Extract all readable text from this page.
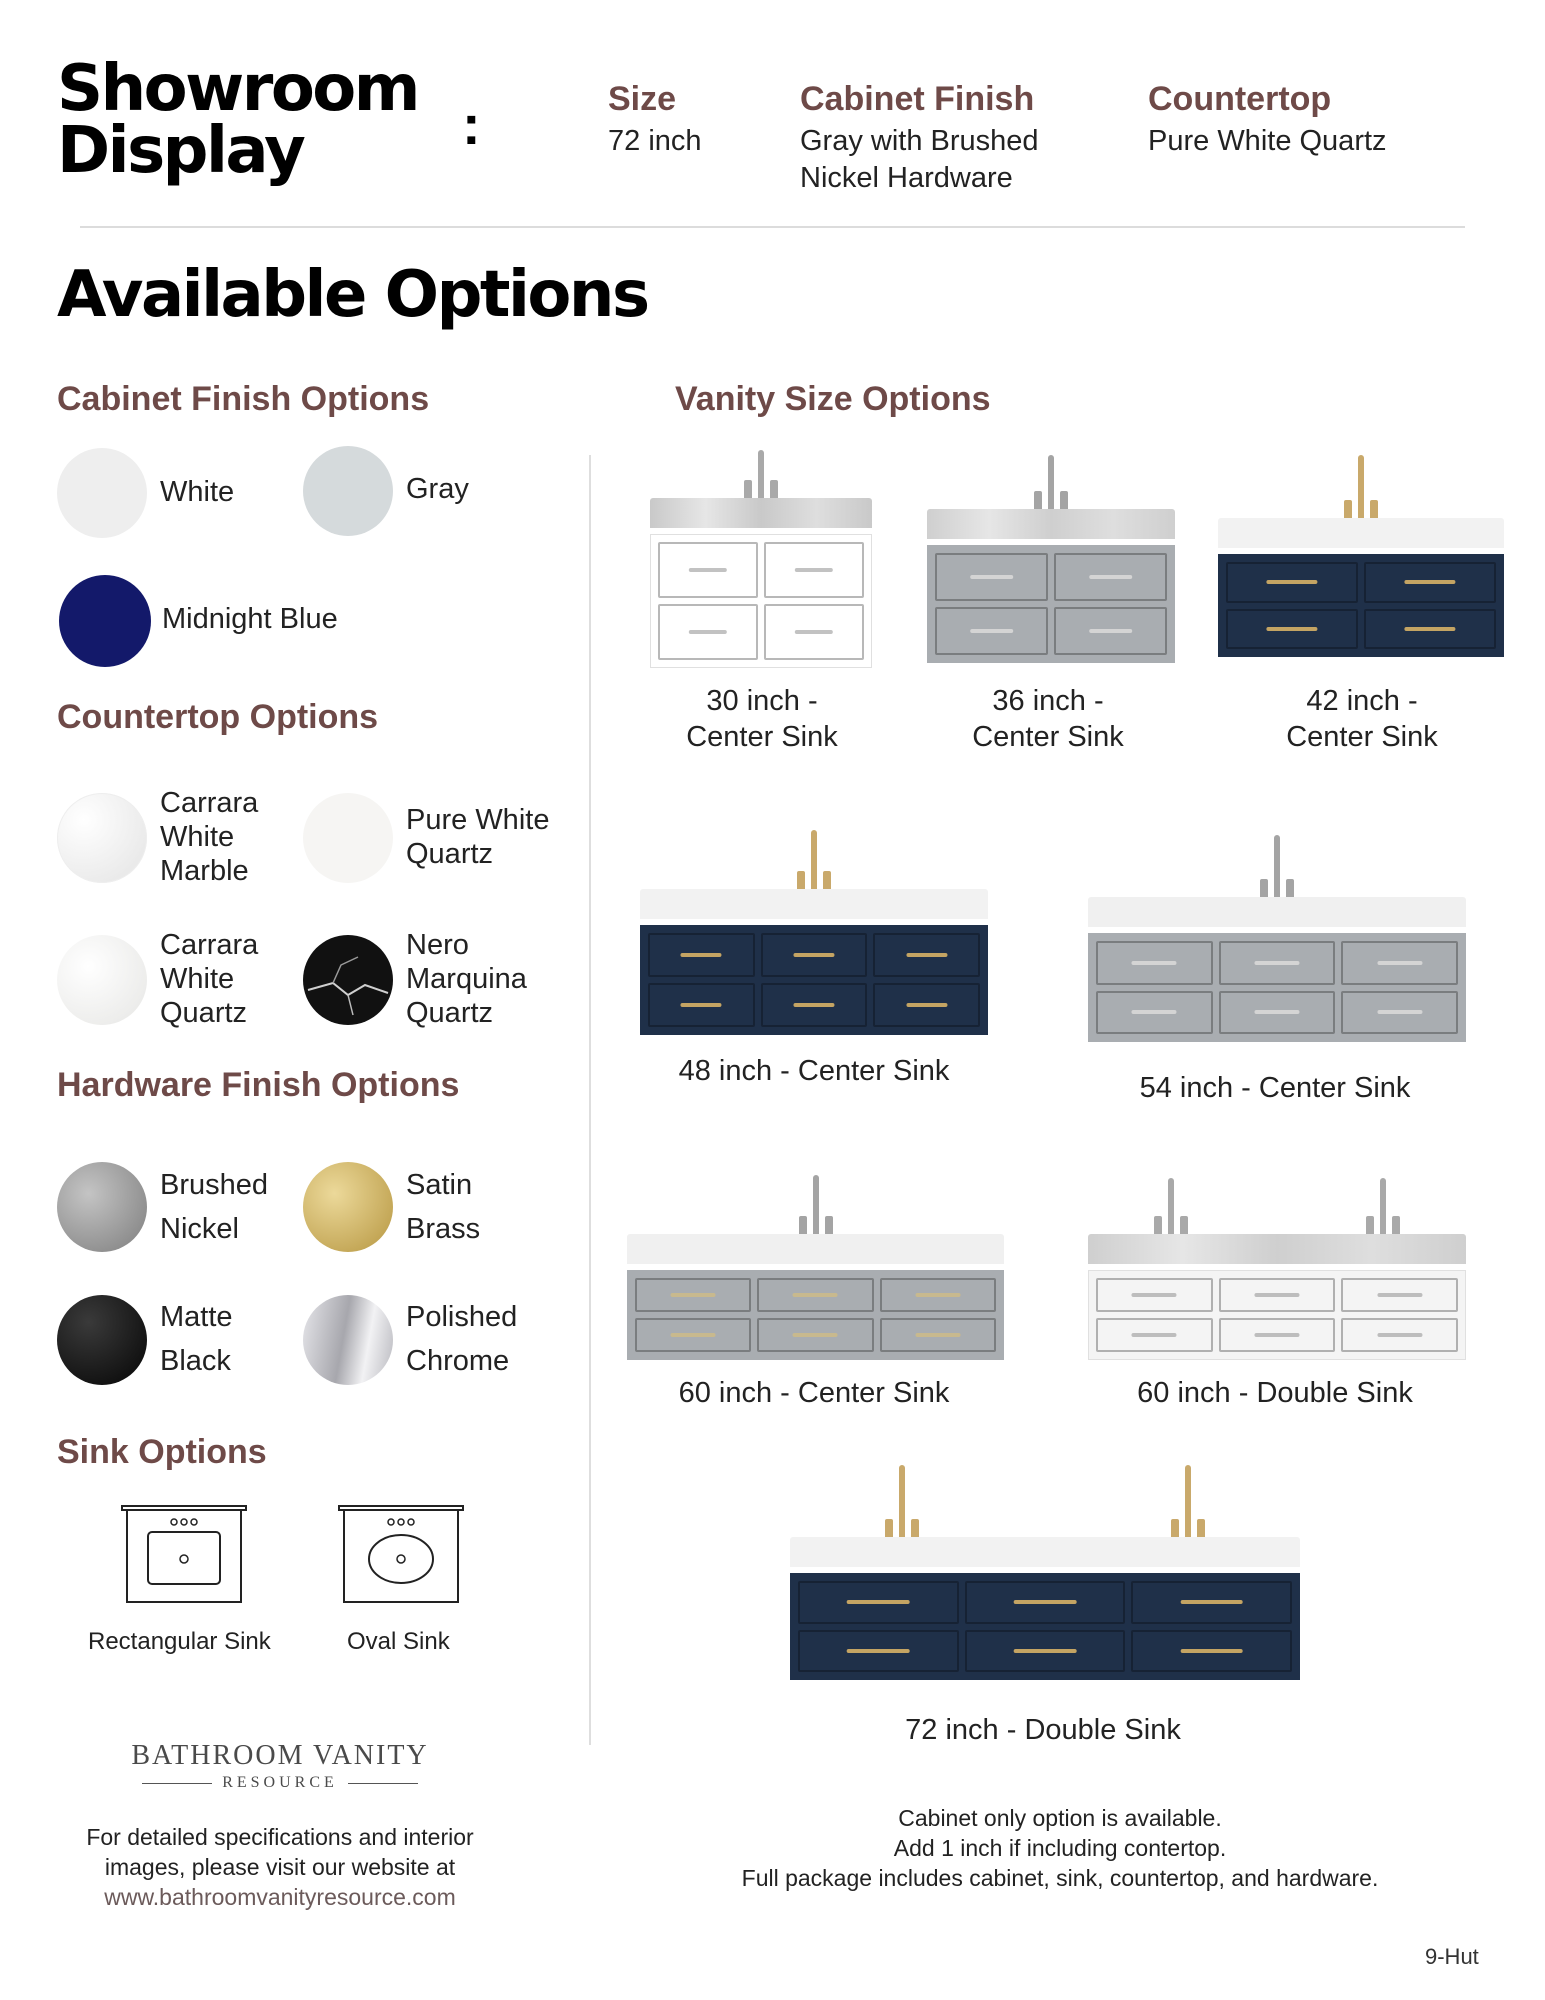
Showroom
Display	:	Size
72 inch
Cabinet Finish
Gray with Brushed
Nickel Hardware
Countertop
Pure White Quartz
Available Options
Cabinet Finish Options
White	Gray
Midnight Blue
Countertop Options
Carrara
White
Marble
Pure White
Quartz
Carrara
White
Quartz
Nero
Marquina
Quartz
Hardware Finish Options
Brushed
Nickel
Satin
Brass
Matte
Black
Polished
Chrome
Sink Options
Rectangular Sink	Oval Sink
Vanity Size Options
30 inch -
Center Sink
36 inch -
Center Sink
42 inch -
Center Sink
48 inch - Center Sink
54 inch - Center Sink
60 inch - Center Sink	60 inch - Double Sink
72 inch - Double Sink
BATHROOM VANITY
RESOURCE
For detailed specifications and interior
images, please visit our website at
www.bathroomvanityresource.com
Cabinet only option is available.
Add 1 inch if including contertop.
Full package includes cabinet, sink, countertop, and hardware.
9-Hut
